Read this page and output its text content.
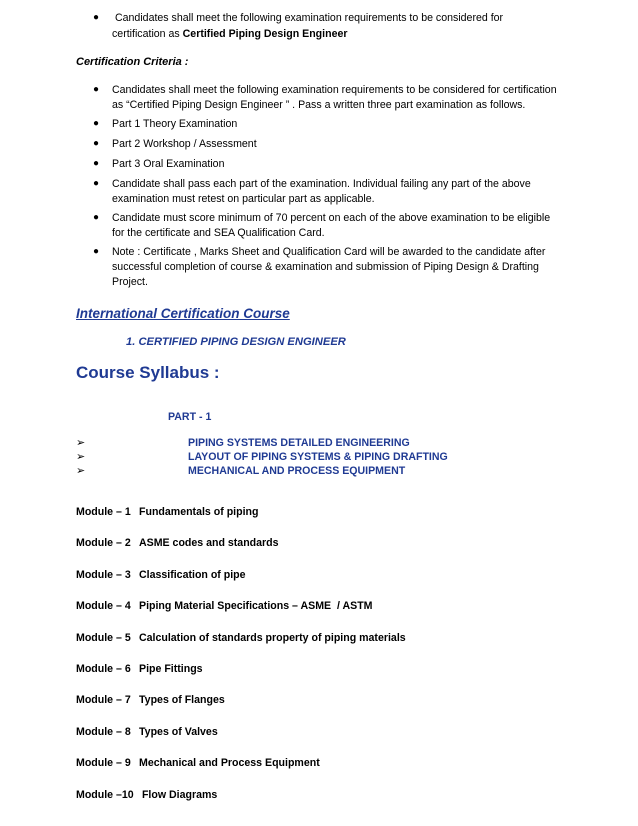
● Candidates shall meet the following examination requirements to be considered for
certification as Certified Piping Design Engineer
Certification Criteria :
● Candidates shall meet the following examination requirements to be considered for certification
as “Certified Piping Design Engineer ” . Pass a written three part examination as follows.
● Part 1 Theory Examination
● Part 2 Workshop / Assessment
● Part 3 Oral Examination
● Candidate shall pass each part of the examination. Individual failing any part of the above
examination must retest on particular part as applicable.
● Candidate must score minimum of 70 percent on each of the above examination to be eligible
for the certificate and SEA Qualification Card.
● Note : Certificate , Marks Sheet and Qualification Card will be awarded to the candidate after
successful completion of course & examination and submission of Piping Design & Drafting
Project.
International Certification Course
1. CERTIFIED PIPING DESIGN ENGINEER
Course Syllabus :
PART - 1
➢	PIPING SYSTEMS DETAILED ENGINEERING
➢	LAYOUT OF PIPING SYSTEMS & PIPING DRAFTING
➢	MECHANICAL AND PROCESS EQUIPMENT
Module – 1 Fundamentals of piping
Module – 2 ASME codes and standards
Module – 3 Classification of pipe
Module – 4 Piping Material Specifications – ASME  / ASTM
Module – 5 Calculation of standards property of piping materials
Module – 6 Pipe Fittings
Module – 7 Types of Flanges
Module – 8 Types of Valves
Module – 9 Mechanical and Process Equipment
Module –10 Flow Diagrams
